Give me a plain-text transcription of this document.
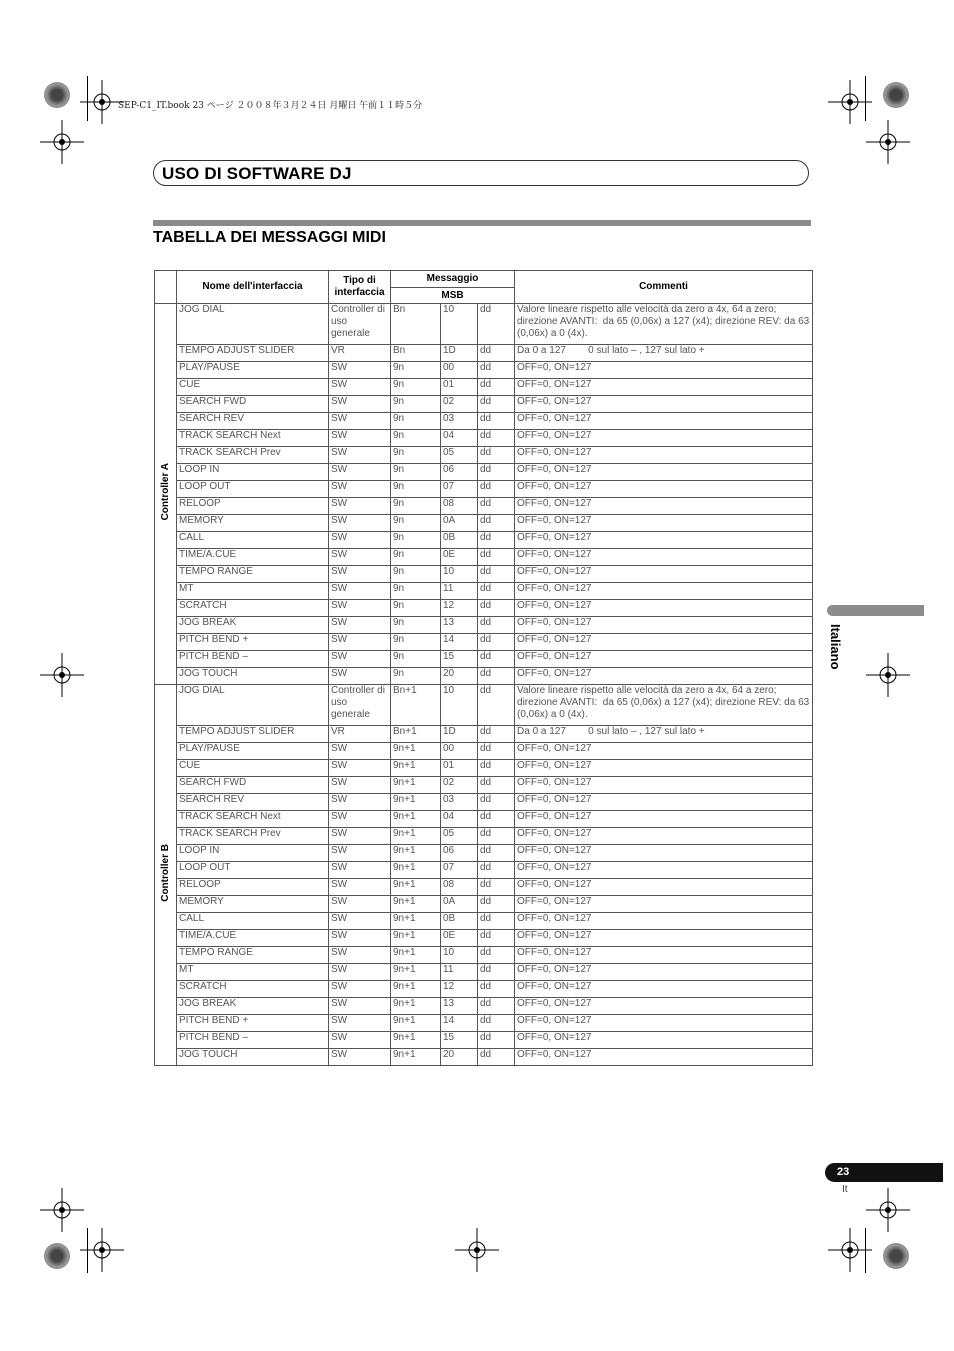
SEP-C1_IT.book 23 ページ ２００８年３月２４日 月曜日 午前１１時５分
USO DI SOFTWARE DJ
TABELLA DEI MESSAGGI MIDI
	Nome dell'interfaccia	Tipo di interfaccia	Messaggio			Commenti
			MSB			
Controller A	JOG DIAL	Controller di uso generale	Bn	10	dd	Valore lineare rispetto alle velocità da zero a 4x, 64 a zero; direzione AVANTI:  da 65 (0,06x) a 127 (x4); direzione REV: da 63 (0,06x) a 0 (4x).
	TEMPO ADJUST SLIDER	VR	Bn	1D	dd	Da 0 a 127        0 sul lato – , 127 sul lato +
	PLAY/PAUSE	SW	9n	00	dd	OFF=0, ON=127
	CUE	SW	9n	01	dd	OFF=0, ON=127
	SEARCH FWD	SW	9n	02	dd	OFF=0, ON=127
	SEARCH REV	SW	9n	03	dd	OFF=0, ON=127
	TRACK SEARCH Next	SW	9n	04	dd	OFF=0, ON=127
	TRACK SEARCH Prev	SW	9n	05	dd	OFF=0, ON=127
	LOOP IN	SW	9n	06	dd	OFF=0, ON=127
	LOOP OUT	SW	9n	07	dd	OFF=0, ON=127
	RELOOP	SW	9n	08	dd	OFF=0, ON=127
	MEMORY	SW	9n	0A	dd	OFF=0, ON=127
	CALL	SW	9n	0B	dd	OFF=0, ON=127
	TIME/A.CUE	SW	9n	0E	dd	OFF=0, ON=127
	TEMPO RANGE	SW	9n	10	dd	OFF=0, ON=127
	MT	SW	9n	11	dd	OFF=0, ON=127
	SCRATCH	SW	9n	12	dd	OFF=0, ON=127
	JOG BREAK	SW	9n	13	dd	OFF=0, ON=127
	PITCH BEND +	SW	9n	14	dd	OFF=0, ON=127
	PITCH BEND –	SW	9n	15	dd	OFF=0, ON=127
	JOG TOUCH	SW	9n	20	dd	OFF=0, ON=127
Controller B	JOG DIAL	Controller di uso generale	Bn+1	10	dd	Valore lineare rispetto alle velocità da zero a 4x, 64 a zero; direzione AVANTI:  da 65 (0,06x) a 127 (x4); direzione REV: da 63 (0,06x) a 0 (4x).
	TEMPO ADJUST SLIDER	VR	Bn+1	1D	dd	Da 0 a 127        0 sul lato – , 127 sul lato +
	PLAY/PAUSE	SW	9n+1	00	dd	OFF=0, ON=127
	CUE	SW	9n+1	01	dd	OFF=0, ON=127
	SEARCH FWD	SW	9n+1	02	dd	OFF=0, ON=127
	SEARCH REV	SW	9n+1	03	dd	OFF=0, ON=127
	TRACK SEARCH Next	SW	9n+1	04	dd	OFF=0, ON=127
	TRACK SEARCH Prev	SW	9n+1	05	dd	OFF=0, ON=127
	LOOP IN	SW	9n+1	06	dd	OFF=0, ON=127
	LOOP OUT	SW	9n+1	07	dd	OFF=0, ON=127
	RELOOP	SW	9n+1	08	dd	OFF=0, ON=127
	MEMORY	SW	9n+1	0A	dd	OFF=0, ON=127
	CALL	SW	9n+1	0B	dd	OFF=0, ON=127
	TIME/A.CUE	SW	9n+1	0E	dd	OFF=0, ON=127
	TEMPO RANGE	SW	9n+1	10	dd	OFF=0, ON=127
	MT	SW	9n+1	11	dd	OFF=0, ON=127
	SCRATCH	SW	9n+1	12	dd	OFF=0, ON=127
	JOG BREAK	SW	9n+1	13	dd	OFF=0, ON=127
	PITCH BEND +	SW	9n+1	14	dd	OFF=0, ON=127
	PITCH BEND –	SW	9n+1	15	dd	OFF=0, ON=127
	JOG TOUCH	SW	9n+1	20	dd	OFF=0, ON=127
Italiano
23
It
